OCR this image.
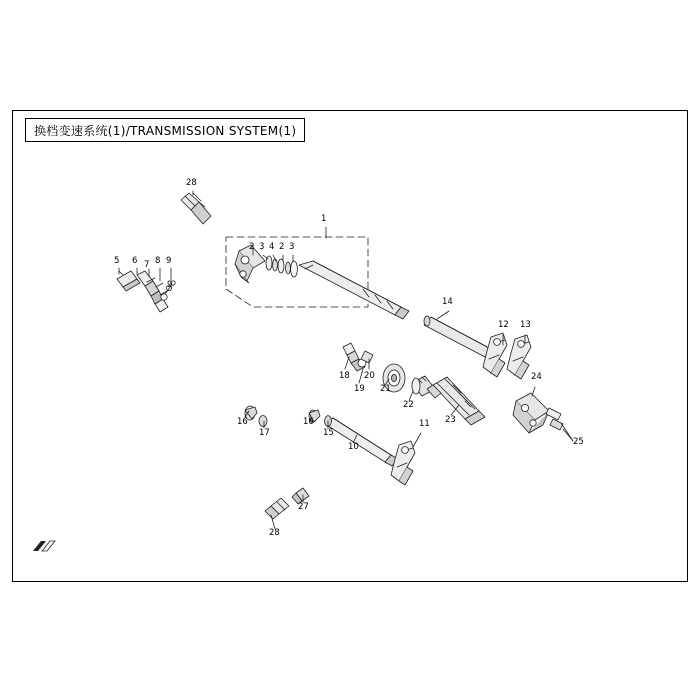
换档变速系统(1)/TRANSMISSION SYSTEM(1)
1
2 3 4 2 3
5 6 7 8 9
9
28
14
12 13
24
25
18 20
19 21
22
23
16
17
16
15
10
11
27
28
